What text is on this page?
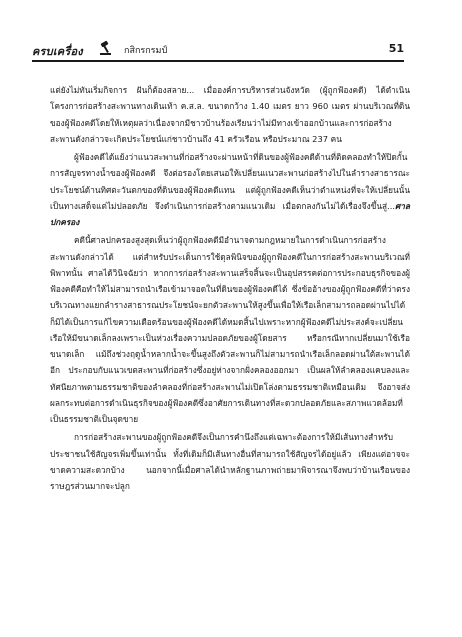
ครบเครื่อง	กสิกรกรมป์	51

แต่ยังไม่ทันเริ่มกิจการ ฝันก็ต้องสลาย... เมื่อองค์การบริหารส่วนจังหวัด (ผู้ถูกฟ้องคดี) ได้ดำเนินโครงการก่อสร้างสะพานทางเดินเท้า ค.ส.ล. ขนาดกว้าง 1.40 เมตร ยาว 960 เมตร ผ่านบริเวณที่ดินของผู้ฟ้องคดีโดยให้เหตุผลว่าเนื่องจากมีชาวบ้านร้องเรียนว่าไม่มีทางเข้าออกบ้านและการก่อสร้างสะพานดังกล่าวจะเกิดประโยชน์แก่ชาวบ้านถึง 41 ครัวเรือน หรือประมาณ 237 คน

ผู้ฟ้องคดีได้แย้งว่าแนวสะพานที่ก่อสร้างจะผ่านหน้าที่ดินของผู้ฟ้องคดีด้านที่ติดคลองทำให้ปิดกั้นการสัญจรทางน้ำของผู้ฟ้องคดี จึงต่อรองโดยเสนอให้เปลี่ยนแนวสะพานก่อสร้างไปในลำรางสาธารณะประโยชน์ด้านทิศตะวันตกของที่ดินของผู้ฟ้องคดีแทน แต่ผู้ถูกฟ้องคดีเห็นว่าตำแหน่งที่จะให้เปลี่ยนนั้นเป็นทางเสด็จแต่ไม่ปลอดภัย จึงดำเนินการก่อสร้างตามแนวเดิม เมื่อตกลงกันไม่ได้เรื่องจึงขึ้นสู่...ศาลปกครอง

คดีนี้ศาลปกครองสูงสุดเห็นว่าผู้ถูกฟ้องคดีมีอำนาจตามกฎหมายในการดำเนินการก่อสร้างสะพานดังกล่าวได้ แต่สำหรับประเด็นการใช้ดุลพินิจของผู้ถูกฟ้องคดีในการก่อสร้างสะพานบริเวณที่พิพาทนั้น ศาลได้วินิจฉัยว่า หากการก่อสร้างสะพานเสร็จสิ้นจะเป็นอุปสรรคต่อการประกอบธุรกิจของผู้ฟ้องคดีคือทำให้ไม่สามารถนำเรือเข้ามาจอดในที่ดินของผู้ฟ้องคดีได้ ซึ่งข้ออ้างของผู้ถูกฟ้องคดีที่ว่าตรงบริเวณทางแยกลำรางสาธารณประโยชน์จะยกตัวสะพานให้สูงขึ้นเพื่อให้เรือเล็กสามารถลอดผ่านไปได้ ก็มิได้เป็นการแก้ไขความเดือดร้อนของผู้ฟ้องคดีได้หมดสิ้นไปเพราะหากผู้ฟ้องคดีไม่ประสงค์จะเปลี่ยนเรือให้มีขนาดเล็กลงเพราะเป็นห่วงเรื่องความปลอดภัยของผู้โดยสาร หรือกรณีหากเปลี่ยนมาใช้เรือขนาดเล็ก แม้ถึงช่วงฤดูน้ำหลากน้ำจะขึ้นสูงถึงตัวสะพานก็ไม่สามารถนำเรือเล็กลอดผ่านใต้สะพานได้อีก ประกอบกับแนวเขตสะพานที่ก่อสร้างซึ่งอยู่ห่างจากฝั่งคลองออกมา เป็นผลให้ลำคลองแคบลงและทัศนียภาพตามธรรมชาติของลำคลองที่ก่อสร้างสะพานไม่เปิดโล่งตามธรรมชาติเหมือนเดิม จึงอาจส่งผลกระทบต่อการดำเนินธุรกิจของผู้ฟ้องคดีซึ่งอาศัยการเดินทางที่สะดวกปลอดภัยและสภาพแวดล้อมที่เป็นธรรมชาติเป็นจุดขาย

การก่อสร้างสะพานของผู้ถูกฟ้องคดีจึงเป็นการคำนึงถึงแต่เฉพาะต้องการให้มีเส้นทางสำหรับประชาชนใช้สัญจรเพิ่มขึ้นเท่านั้น ทั้งที่เดิมก็มีเส้นทางอื่นที่สามารถใช้สัญจรได้อยู่แล้ว เพียงแต่อาจจะขาดความสะดวกบ้าง นอกจากนี้เมื่อศาลได้นำหลักฐานภาพถ่ายมาพิจารณาจึงพบว่าบ้านเรือนของราษฎรส่วนมากจะปลูก
